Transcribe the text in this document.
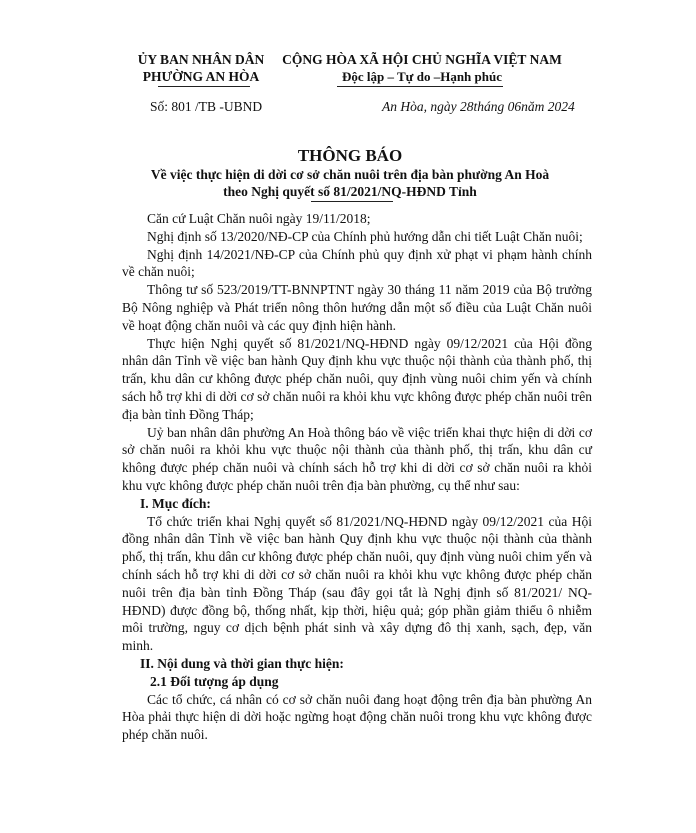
ỦY BAN NHÂN DÂN
PHƯỜNG AN HÒA
CỘNG HÒA XÃ HỘI CHỦ NGHĨA VIỆT NAM
Độc lập – Tự do –Hạnh phúc
Số: 801 /TB -UBND	An Hòa, ngày 28tháng 06năm 2024
THÔNG BÁO
Về việc thực hiện di dời cơ sở chăn nuôi trên địa bàn phường An Hoà
theo Nghị quyết số 81/2021/NQ-HĐND Tỉnh

Căn cứ Luật Chăn nuôi ngày 19/11/2018;

Nghị định số 13/2020/NĐ-CP của Chính phủ hướng dẫn chi tiết Luật Chăn nuôi;

Nghị định 14/2021/NĐ-CP của Chính phủ quy định xử phạt vi phạm hành chính về chăn nuôi;

Thông tư số 523/2019/TT-BNNPTNT ngày 30 tháng 11 năm 2019 của Bộ trưởng Bộ Nông nghiệp và Phát triển nông thôn hướng dẫn một số điều của Luật Chăn nuôi về hoạt động chăn nuôi và các quy định hiện hành.

Thực hiện Nghị quyết số 81/2021/NQ-HĐND ngày 09/12/2021 của Hội đồng nhân dân Tỉnh về việc ban hành Quy định khu vực thuộc nội thành của thành phố, thị trấn, khu dân cư không được phép chăn nuôi, quy định vùng nuôi chim yến và chính sách hỗ trợ khi di dời cơ sở chăn nuôi ra khỏi khu vực không được phép chăn nuôi trên địa bàn tỉnh Đồng Tháp;

Uỷ ban nhân dân phường An Hoà thông báo về việc triển khai thực hiện di dời cơ sở chăn nuôi ra khỏi khu vực thuộc nội thành của thành phố, thị trấn, khu dân cư không được phép chăn nuôi và chính sách hỗ trợ khi di dời cơ sở chăn nuôi ra khỏi khu vực không được phép chăn nuôi trên địa bàn phường, cụ thể như sau:

I. Mục đích:

Tổ chức triển khai Nghị quyết số 81/2021/NQ-HĐND ngày 09/12/2021 của Hội đồng nhân dân Tỉnh về việc ban hành Quy định khu vực thuộc nội thành của thành phố, thị trấn, khu dân cư không được phép chăn nuôi, quy định vùng nuôi chim yến và chính sách hỗ trợ khi di dời cơ sở chăn nuôi ra khỏi khu vực không được phép chăn nuôi trên địa bàn tỉnh Đồng Tháp (sau đây gọi tắt là Nghị định số 81/2021/ NQ-HĐND) được đồng bộ, thống nhất, kịp thời, hiệu quả; góp phần giảm thiểu ô nhiễm môi trường, nguy cơ dịch bệnh phát sinh và xây dựng đô thị xanh, sạch, đẹp, văn minh.

II. Nội dung và thời gian thực hiện:

2.1 Đối tượng áp dụng

Các tổ chức, cá nhân có cơ sở chăn nuôi đang hoạt động trên địa bàn phường An Hòa phải thực hiện di dời hoặc ngừng hoạt động chăn nuôi trong khu vực không được phép chăn nuôi.
